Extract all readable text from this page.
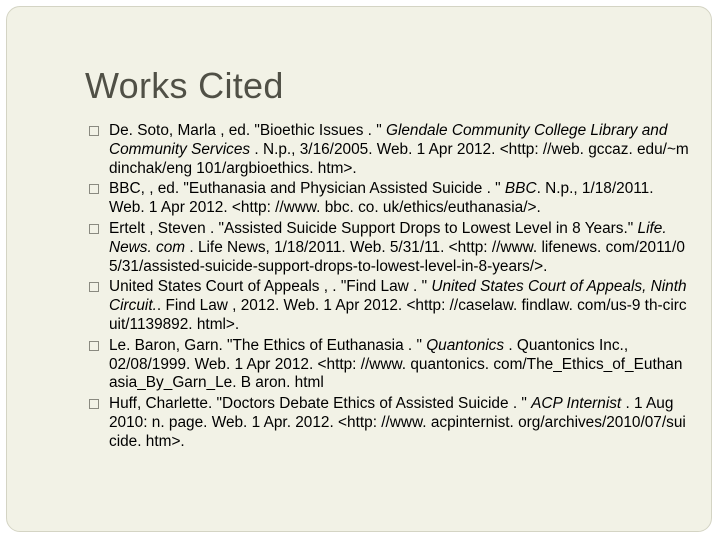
Works Cited
De. Soto, Marla , ed. "Bioethic Issues . " Glendale Community College Library and Community Services . N.p., 3/16/2005. Web. 1 Apr 2012. <http: //web. gccaz. edu/~mdinchak/eng 101/argbioethics. htm>.
BBC, , ed. "Euthanasia and Physician Assisted Suicide . " BBC. N.p., 1/18/2011. Web. 1 Apr 2012. <http: //www. bbc. co. uk/ethics/euthanasia/>.
Ertelt , Steven . "Assisted Suicide Support Drops to Lowest Level in 8 Years." Life. News. com . Life News, 1/18/2011. Web. 5/31/11. <http: //www. lifenews. com/2011/05/31/assisted-suicide-support-drops-to-lowest-level-in-8-years/>.
United States Court of Appeals , . "Find Law . " United States Court of Appeals, Ninth Circuit.. Find Law , 2012. Web. 1 Apr 2012. <http: //caselaw. findlaw. com/us-9 th-circuit/1139892. html>.
Le. Baron, Garn. "The Ethics of Euthanasia . " Quantonics . Quantonics Inc., 02/08/1999. Web. 1 Apr 2012. <http: //www. quantonics. com/The_Ethics_of_Euthanasia_By_Garn_Le. B aron. html
Huff, Charlette. "Doctors Debate Ethics of Assisted Suicide . " ACP Internist . 1 Aug 2010: n. page. Web. 1 Apr. 2012. <http: //www. acpinternist. org/archives/2010/07/suicide. htm>.
